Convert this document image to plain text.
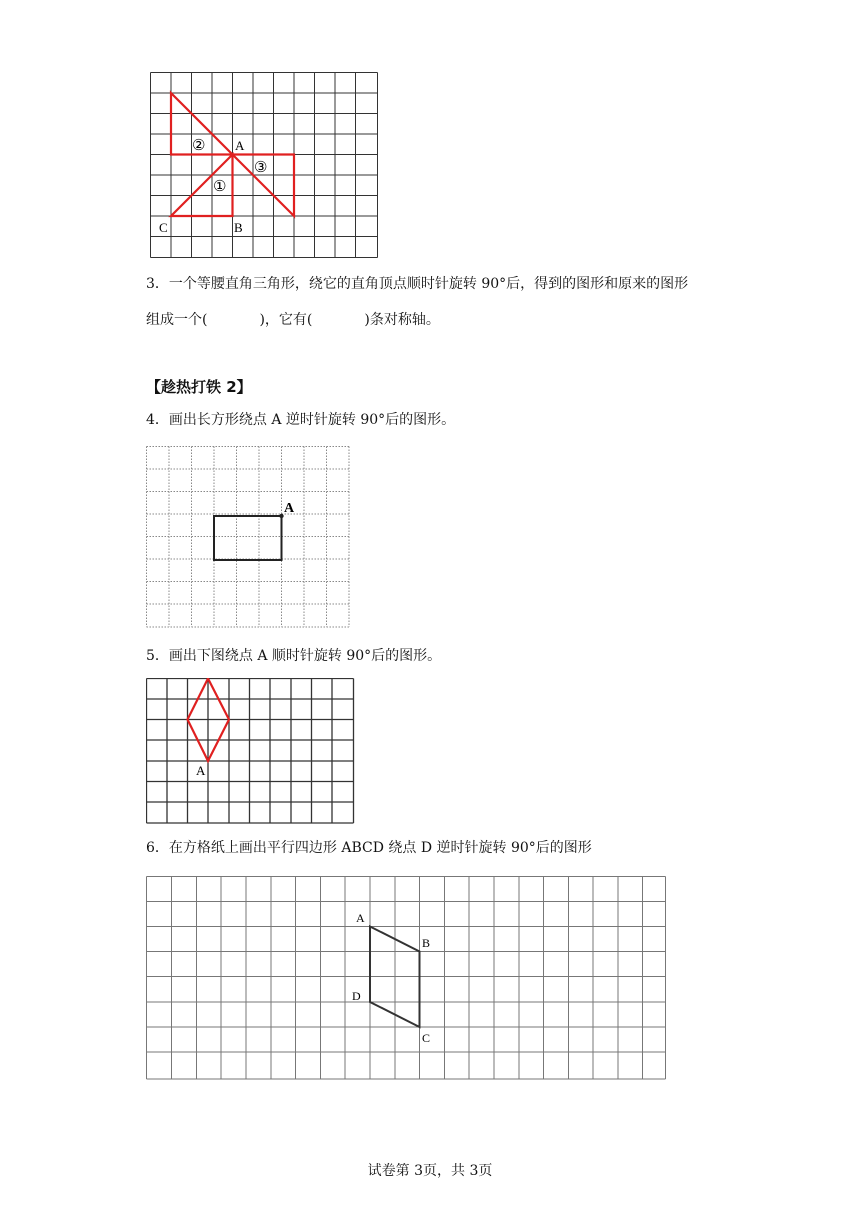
A
B
C
①
②
③
3．一个等腰直角三角形，绕它的直角顶点顺时针旋转 90°后，得到的图形和原来的图形
组成一个(	)，它有(	)条对称轴。
【趁热打铁 2】
4．画出长方形绕点 A 逆时针旋转 90°后的图形。
A
5．画出下图绕点 A 顺时针旋转 90°后的图形。
A
6．在方格纸上画出平行四边形 ABCD 绕点 D 逆时针旋转 90°后的图形
A
B
C
D
试卷第 3页，共 3页
